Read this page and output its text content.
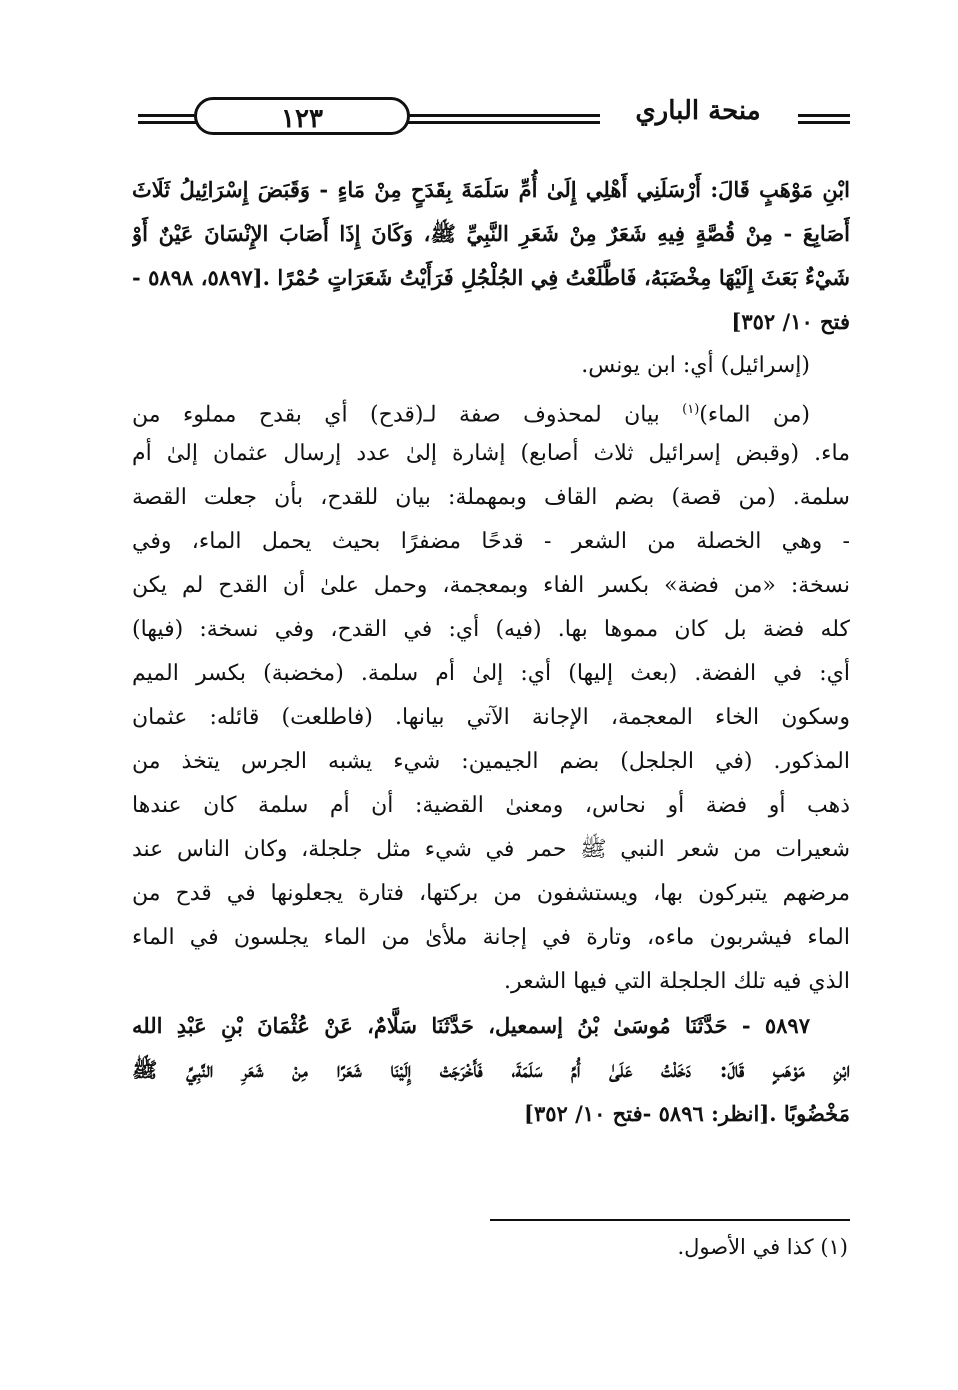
منحة الباري
١٢٣
ابْنِ مَوْهَبٍ قَالَ: أَرْسَلَنِي أَهْلِي إِلَىٰ أُمِّ سَلَمَةَ بِقَدَحٍ مِنْ مَاءٍ - وَقَبَضَ إِسْرَائِيلُ ثَلَاثَ
أَصَابِعَ - مِنْ قُصَّةٍ فِيهِ شَعَرٌ مِنْ شَعَرِ النَّبِيِّ ﷺ، وَكَانَ إِذَا أَصَابَ الإِنْسَانَ عَيْنٌ أَوْ
شَيْءٌ بَعَثَ إِلَيْهَا مِخْضَبَهُ، فَاطَّلَعْتُ فِي الجُلْجُلِ فَرَأَيْتُ شَعَرَاتٍ حُمْرًا .[٥٨٩٧، ٥٨٩٨ -
فتح ١٠/ ٣٥٢]
(إسرائيل) أي: ابن يونس.
(من الماء)$^{(١)}$ بيان لمحذوف صفة لـ(قدح) أي بقدح مملوء من
ماء. (وقبض إسرائيل ثلاث أصابع) إشارة إلىٰ عدد إرسال عثمان إلىٰ أم
سلمة. (من قصة) بضم القاف وبمهملة: بيان للقدح، بأن جعلت القصة
- وهي الخصلة من الشعر - قدحًا مضفرًا بحيث يحمل الماء، وفي
نسخة: «من فضة» بكسر الفاء وبمعجمة، وحمل علىٰ أن القدح لم يكن
كله فضة بل كان مموها بها. (فيه) أي: في القدح، وفي نسخة: (فيها)
أي: في الفضة. (بعث إليها) أي: إلىٰ أم سلمة. (مخضبة) بكسر الميم
وسكون الخاء المعجمة، الإجانة الآتي بيانها. (فاطلعت) قائله: عثمان
المذكور. (في الجلجل) بضم الجيمين: شيء يشبه الجرس يتخذ من
ذهب أو فضة أو نحاس، ومعنىٰ القضية: أن أم سلمة كان عندها
شعيرات من شعر النبي ﷺ حمر في شيء مثل جلجلة، وكان الناس عند
مرضهم يتبركون بها، ويستشفون من بركتها، فتارة يجعلونها في قدح من
الماء فيشربون ماءه، وتارة في إجانة ملأىٰ من الماء يجلسون في الماء
الذي فيه تلك الجلجلة التي فيها الشعر.
٥٨٩٧ - حَدَّثَنَا مُوسَىٰ بْنُ إسمعيل، حَدَّثَنَا سَلَّامٌ، عَنْ عُثْمَانَ بْنِ عَبْدِ الله
ابْنِ مَوْهَبٍ قَالَ: دَخَلْتُ عَلَىٰ أُمِّ سَلَمَةَ، فَأَخْرَجَتْ إِلَيْنَا شَعَرًا مِنْ شَعَرِ النَّبِيِّ ﷺ
مَخْضُوبًا .[انظر: ٥٨٩٦ -فتح ١٠/ ٣٥٢]
(١) كذا في الأصول.
